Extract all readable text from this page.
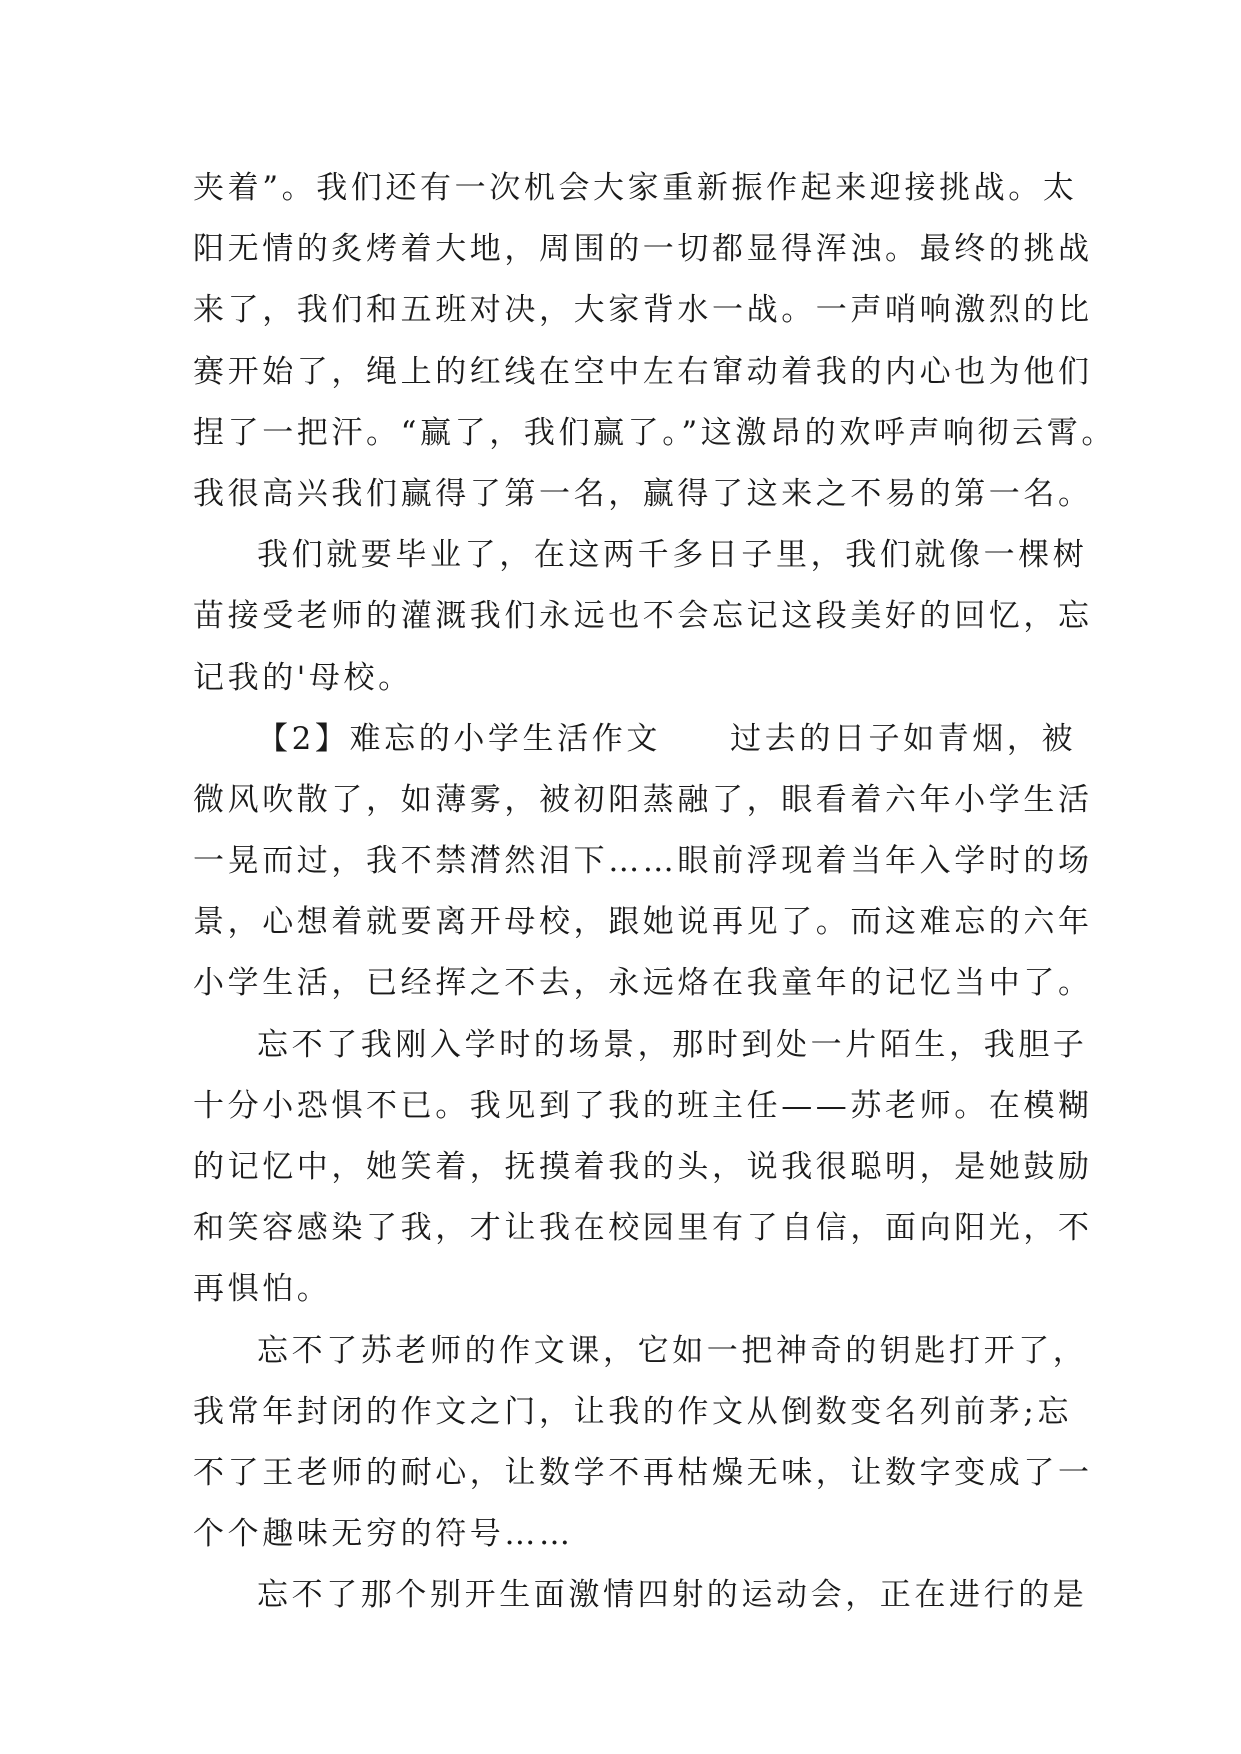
夹着”。我们还有一次机会大家重新振作起来迎接挑战。太
阳无情的炙烤着大地，周围的一切都显得浑浊。最终的挑战
来了，我们和五班对决，大家背水一战。一声哨响激烈的比
赛开始了，绳上的红线在空中左右窜动着我的内心也为他们
捏了一把汗。“赢了，我们赢了。”这激昂的欢呼声响彻云霄。
我很高兴我们赢得了第一名，赢得了这来之不易的第一名。
我们就要毕业了，在这两千多日子里，我们就像一棵树
苗接受老师的灌溉我们永远也不会忘记这段美好的回忆，忘
记我的'母校。
【2】难忘的小学生活作文　　过去的日子如青烟，被
微风吹散了，如薄雾，被初阳蒸融了，眼看着六年小学生活
一晃而过，我不禁潸然泪下……眼前浮现着当年入学时的场
景，心想着就要离开母校，跟她说再见了。而这难忘的六年
小学生活，已经挥之不去，永远烙在我童年的记忆当中了。
忘不了我刚入学时的场景，那时到处一片陌生，我胆子
十分小恐惧不已。我见到了我的班主任——苏老师。在模糊
的记忆中，她笑着，抚摸着我的头，说我很聪明，是她鼓励
和笑容感染了我，才让我在校园里有了自信，面向阳光，不
再惧怕。
忘不了苏老师的作文课，它如一把神奇的钥匙打开了，
我常年封闭的作文之门，让我的作文从倒数变名列前茅;忘
不了王老师的耐心，让数学不再枯燥无味，让数字变成了一
个个趣味无穷的符号……
忘不了那个别开生面激情四射的运动会，正在进行的是
